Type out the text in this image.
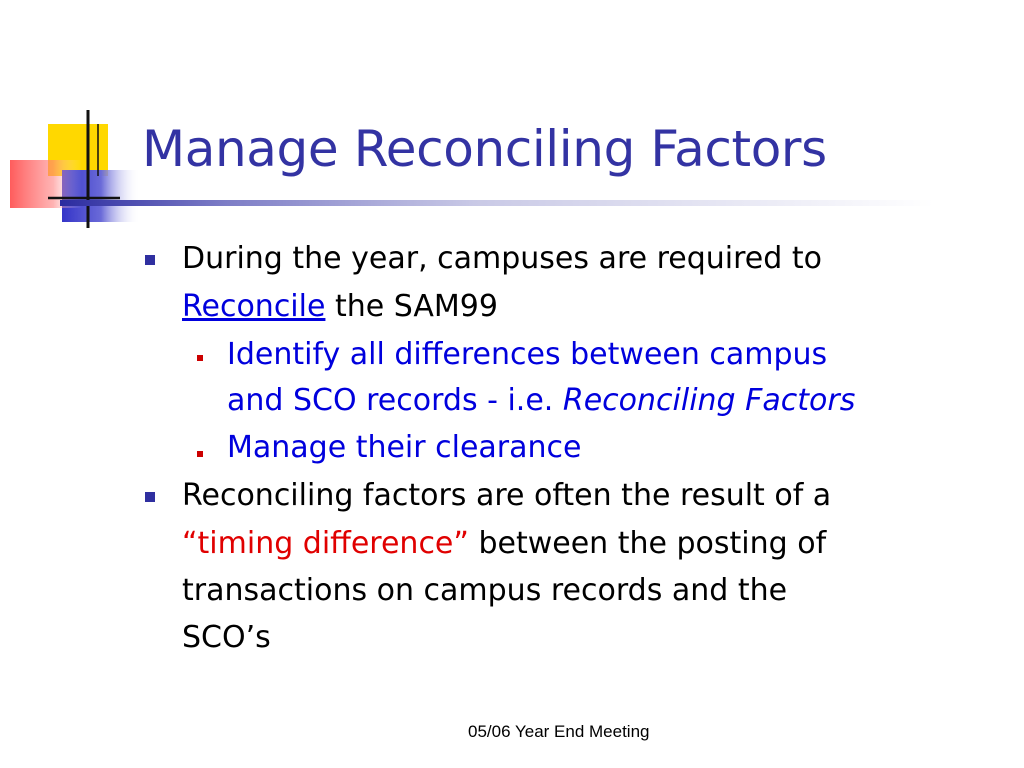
Manage Reconciling Factors
During the year, campuses are required to
Reconcile the SAM99
Identify all differences between campus
and SCO records - i.e. Reconciling Factors
Manage their clearance
Reconciling factors are often the result of a
“timing difference” between the posting of
transactions on campus records and the
SCO’s
05/06 Year End Meeting
